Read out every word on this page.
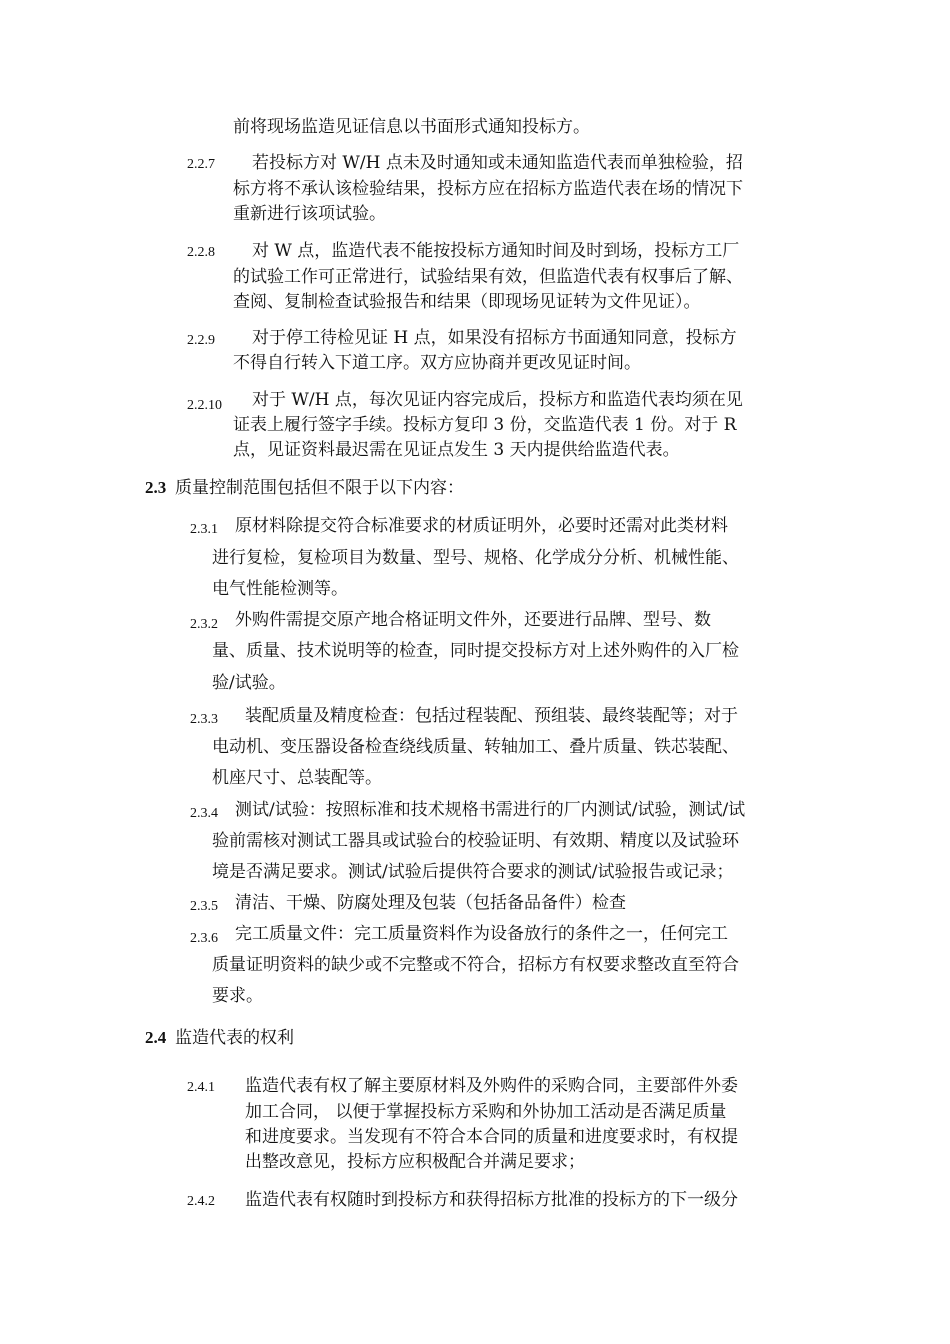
前将现场监造见证信息以书面形式通知投标方。
2.2.7 若投标方对 W/H 点未及时通知或未通知监造代表而单独检验，招
标方将不承认该检验结果，投标方应在招标方监造代表在场的情况下
重新进行该项试验。
2.2.8 对 W 点，监造代表不能按投标方通知时间及时到场，投标方工厂
的试验工作可正常进行，试验结果有效，但监造代表有权事后了解、
查阅、复制检查试验报告和结果（即现场见证转为文件见证）。
2.2.9 对于停工待检见证 H 点，如果没有招标方书面通知同意，投标方
不得自行转入下道工序。双方应协商并更改见证时间。
2.2.10 对于 W/H 点，每次见证内容完成后，投标方和监造代表均须在见
证表上履行签字手续。投标方复印 3 份，交监造代表 1 份。对于 R
点，见证资料最迟需在见证点发生 3 天内提供给监造代表。
2.3 质量控制范围包括但不限于以下内容：
2.3.1 原材料除提交符合标准要求的材质证明外，必要时还需对此类材料
进行复检，复检项目为数量、型号、规格、化学成分分析、机械性能、
电气性能检测等。
2.3.2 外购件需提交原产地合格证明文件外，还要进行品牌、型号、数
量、质量、技术说明等的检查，同时提交投标方对上述外购件的入厂检
验/试验。
2.3.3 装配质量及精度检查：包括过程装配、预组装、最终装配等；对于
电动机、变压器设备检查绕线质量、转轴加工、叠片质量、铁芯装配、
机座尺寸、总装配等。
2.3.4 测试/试验：按照标准和技术规格书需进行的厂内测试/试验，测试/试
验前需核对测试工器具或试验台的校验证明、有效期、精度以及试验环
境是否满足要求。测试/试验后提供符合要求的测试/试验报告或记录；
2.3.5 清洁、干燥、防腐处理及包装（包括备品备件）检查
2.3.6 完工质量文件：完工质量资料作为设备放行的条件之一，任何完工
质量证明资料的缺少或不完整或不符合，招标方有权要求整改直至符合
要求。
2.4 监造代表的权利
2.4.1 监造代表有权了解主要原材料及外购件的采购合同，主要部件外委
加工合同， 以便于掌握投标方采购和外协加工活动是否满足质量
和进度要求。当发现有不符合本合同的质量和进度要求时，有权提
出整改意见，投标方应积极配合并满足要求；
2.4.2 监造代表有权随时到投标方和获得招标方批准的投标方的下一级分
